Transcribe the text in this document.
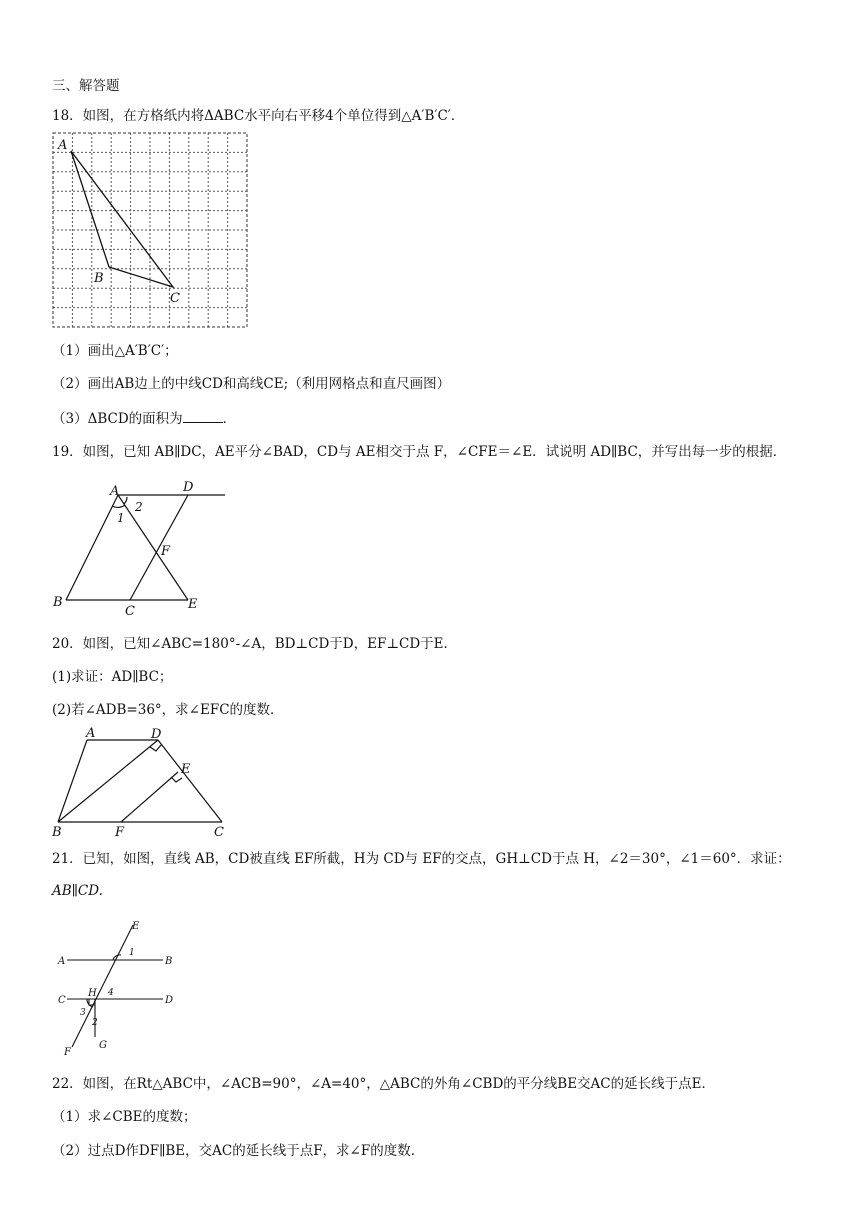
三、解答题
18．如图，在方格纸内将ΔABC水平向右平移4个单位得到△A′B′C′．
A
B
C
（1）画出△A′B′C′；
（2）画出AB边上的中线CD和高线CE;（利用网格点和直尺画图）
（3）ΔBCD的面积为	．
19．如图，已知 AB∥DC，AE平分∠BAD，CD与 AE相交于点 F，∠CFE＝∠E．试说明 AD∥BC，并写出每一步的根据．
A	D
B
C	E
F
1
2
20．如图，已知∠ABC=180°-∠A，BD⊥CD于D，EF⊥CD于E．
(1)求证：AD∥BC；
(2)若∠ADB=36°，求∠EFC的度数．
A	D
E
B	F	C
21．已知，如图，直线 AB，CD被直线 EF所截，H为 CD与 EF的交点，GH⊥CD于点 H，∠2＝30°，∠1＝60°．求证：
AB∥CD.
E
A	B
C	D
H
F
G
1
2
3
4
22．如图，在Rt△ABC中，∠ACB=90°，∠A=40°，△ABC的外角∠CBD的平分线BE交AC的延长线于点E．
（1）求∠CBE的度数；
（2）过点D作DF∥BE，交AC的延长线于点F，求∠F的度数．
